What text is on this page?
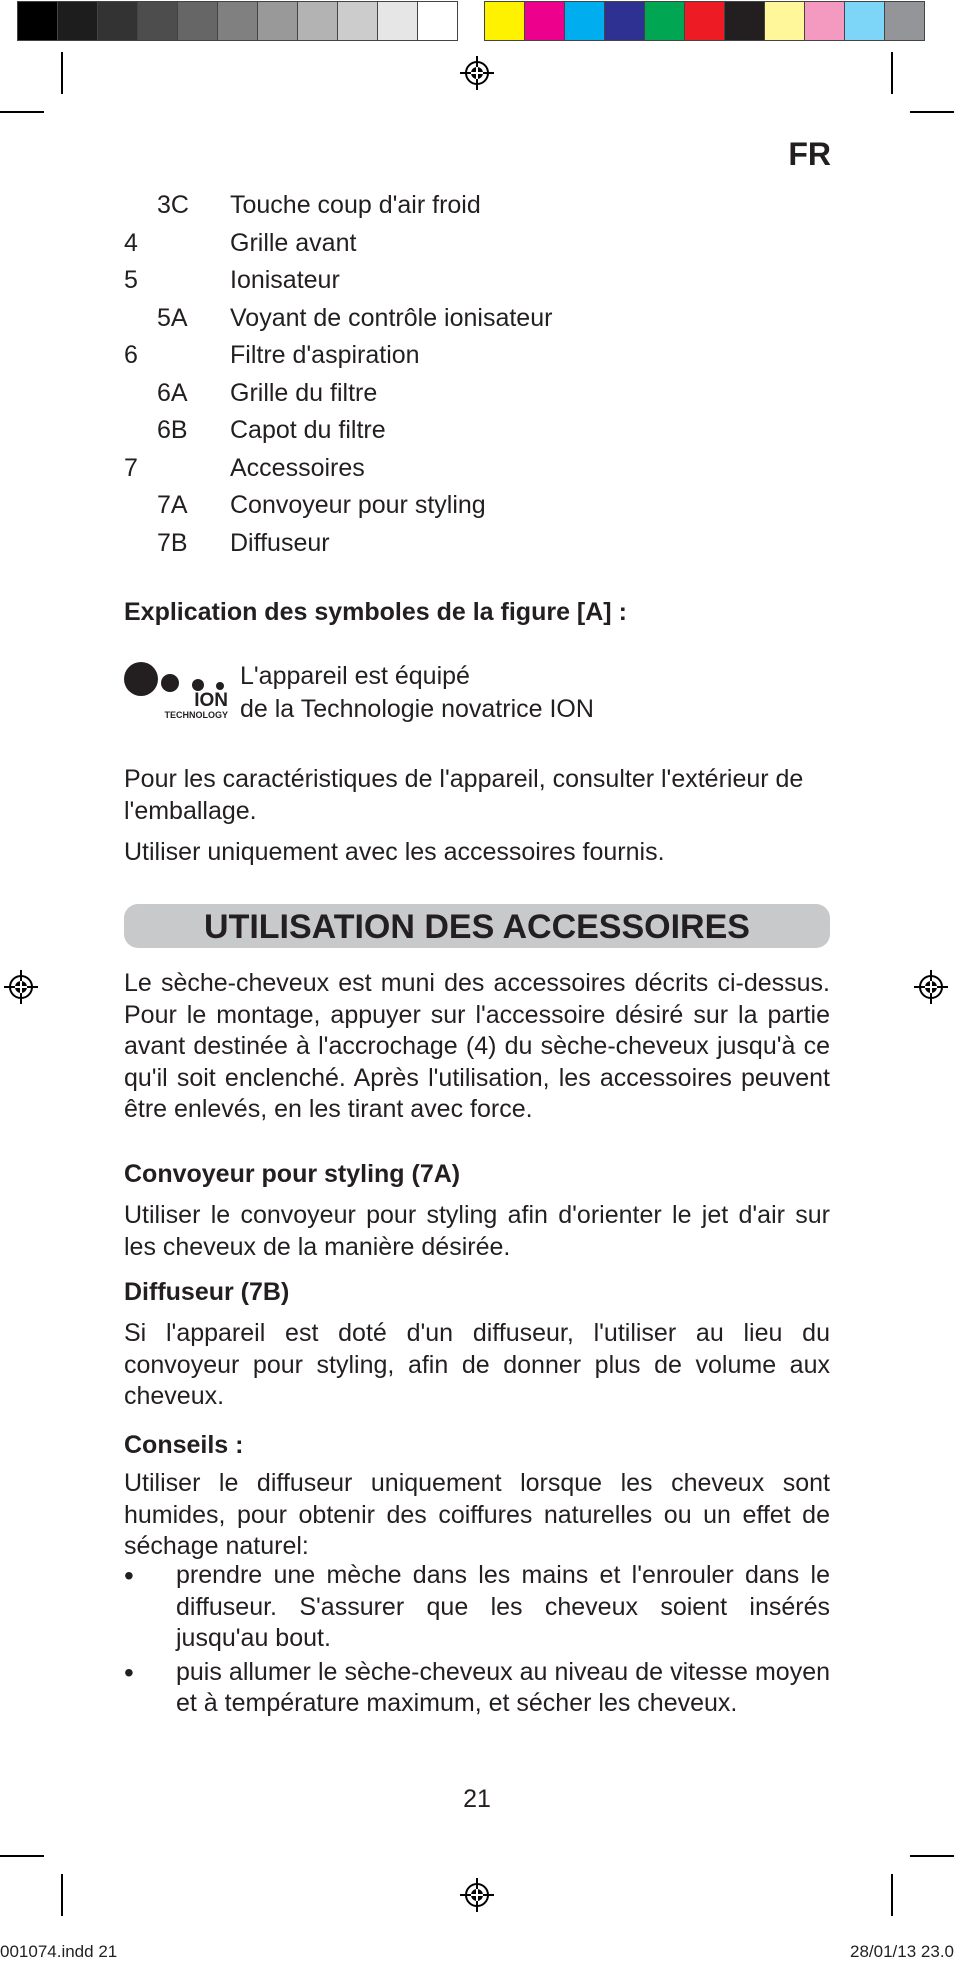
FR
3C Touche coup d'air froid
4	Grille avant
5	Ionisateur
5A Voyant de contrôle ionisateur
6	Filtre d'aspiration
6A Grille du filtre
6B Capot du filtre
7	Accessoires
7A Convoyeur pour styling
7B Diffuseur
Explication des symboles de la figure [A] :
ION
TECHNOLOGY
L'appareil est équipé
de la Technologie novatrice ION

Pour les caractéristiques de l'appareil, consulter l'extérieur de l'emballage.

Utiliser uniquement avec les accessoires fournis.

UTILISATION DES ACCESSOIRES

Le sèche-cheveux est muni des accessoires décrits ci-dessus. Pour le montage, appuyer sur l'accessoire désiré sur la partie avant destinée à l'accrochage (4) du sèche-cheveux jusqu'à ce qu'il soit enclenché. Après l'utilisation, les accessoires peuvent être enlevés, en les tirant avec force.

Convoyeur pour styling (7A)

Utiliser le convoyeur pour styling afin d'orienter le jet d'air sur les cheveux de la manière désirée.

Diffuseur (7B)

Si l'appareil est doté d'un diffuseur, l'utiliser au lieu du convoyeur pour styling, afin de donner plus de volume aux cheveux.

Conseils :

Utiliser le diffuseur uniquement lorsque les cheveux sont humides, pour obtenir des coiffures naturelles ou un effet de séchage naturel:

• prendre une mèche dans les mains et l'enrouler dans le diffuseur. S'assurer que les cheveux soient insérés jusqu'au bout.
• puis allumer le sèche-cheveux au niveau de vitesse moyen et à température maximum, et sécher les cheveux.
21
001074.indd 21	28/01/13 23.0
